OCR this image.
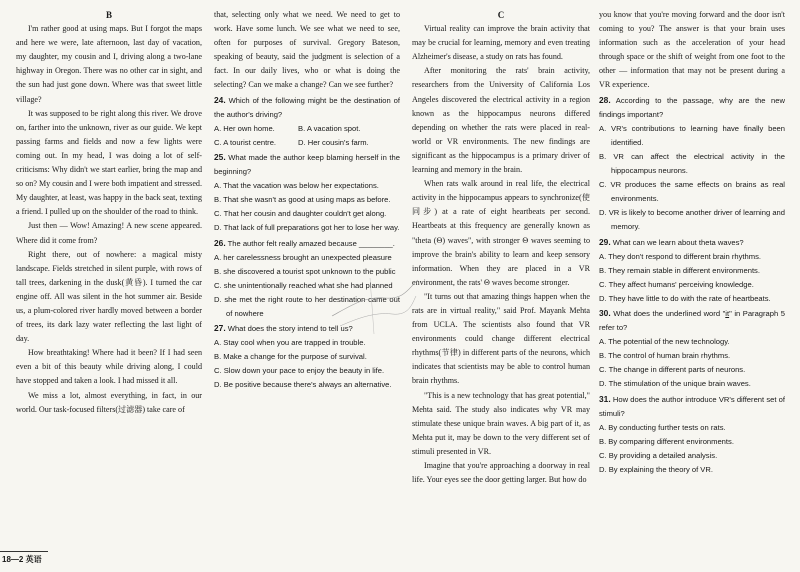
B

I'm rather good at using maps. But I forgot the maps and here we were, late afternoon, last day of vacation, my daughter, my cousin and I, driving along a two-lane highway in Oregon. There was no other car in sight, and the sun had just gone down. Where was that sweet little village?

It was supposed to be right along this river. We drove on, farther into the unknown, river as our guide. We kept passing farms and fields and now a few lights were coming out. In my head, I was doing a lot of self-criticisms: Why didn't we start earlier, bring the map and so on? My cousin and I were both impatient and stressed. My daughter, at least, was happy in the back seat, texting a friend. I pulled up on the shoulder of the road to think.

Just then — Wow! Amazing! A new scene appeared. Where did it come from?

Right there, out of nowhere: a magical misty landscape. Fields stretched in silent purple, with rows of tall trees, darkening in the dusk(黄昏). I turned the car engine off. All was silent in the hot summer air. Beside us, a plum-colored river hardly moved between a border of trees, its dark lazy water reflecting the last light of day.

How breathtaking! Where had it been? If I had seen even a bit of this beauty while driving along, I could have stopped and taken a look. I had missed it all.

We miss a lot, almost everything, in fact, in our world. Our task-focused filters(过滤器) take care of

that, selecting only what we need. We need to get to work. Have some lunch. We see what we need to see, often for purposes of survival. Gregory Bateson, speaking of beauty, said the judgment is selection of a fact. In our daily lives, who or what is doing the selecting? Can we make a change? Can we see further?

24. Which of the following might be the destination of the author's driving?

A. Her own home.	B. A vacation spot.

C. A tourist centre.	D. Her cousin's farm.

25. What made the author keep blaming herself in the beginning?

A. That the vacation was below her expectations.

B. That she wasn't as good at using maps as before.

C. That her cousin and daughter couldn't get along.

D. That lack of full preparations got her to lose her way.

26. The author felt really amazed because ________.

A. her carelessness brought an unexpected pleasure

B. she discovered a tourist spot unknown to the public

C. she unintentionally reached what she had planned

D. she met the right route to her destination came out of nowhere

27. What does the story intend to tell us?

A. Stay cool when you are trapped in trouble.

B. Make a change for the purpose of survival.

C. Slow down your pace to enjoy the beauty in life.

D. Be positive because there's always an alternative.

C

Virtual reality can improve the brain activity that may be crucial for learning, memory and even treating Alzheimer's disease, a study on rats has found.

After monitoring the rats' brain activity, researchers from the University of California Los Angeles discovered the electrical activity in a region known as the hippocampus neurons differed depending on whether the rats were placed in real-world or VR environments. The new findings are significant as the hippocampus is a primary driver of learning and memory in the brain.

When rats walk around in real life, the electrical activity in the hippocampus appears to synchronize(使同步) at a rate of eight heartbeats per second. Heartbeats at this frequency are generally known as "theta (Θ) waves", with stronger Θ waves seeming to improve the brain's ability to learn and keep sensory information. When they are placed in a VR environment, the rats' Θ waves become stronger.

"It turns out that amazing things happen when the rats are in virtual reality," said Prof. Mayank Mehta from UCLA. The scientists also found that VR environments could change different electrical rhythms(节律) in different parts of the neurons, which indicates that scientists may be able to control human brain rhythms.

"This is a new technology that has great potential," Mehta said. The study also indicates why VR may stimulate these unique brain waves. A big part of it, as Mehta put it, may be down to the very different set of stimuli presented in VR.

Imagine that you're approaching a doorway in real life. Your eyes see the door getting larger. But how do

you know that you're moving forward and the door isn't coming to you? The answer is that your brain uses information such as the acceleration of your head through space or the shift of weight from one foot to the other — information that may not be present during a VR experience.

28. According to the passage, why are the new findings important?

A. VR's contributions to learning have finally been identified.

B. VR can affect the electrical activity in the hippocampus neurons.

C. VR produces the same effects on brains as real environments.

D. VR is likely to become another driver of learning and memory.

29. What can we learn about theta waves?

A. They don't respond to different brain rhythms.

B. They remain stable in different environments.

C. They affect humans' perceiving knowledge.

D. They have little to do with the rate of heartbeats.

30. What does the underlined word "it" in Paragraph 5 refer to?

A. The potential of the new technology.

B. The control of human brain rhythms.

C. The change in different parts of neurons.

D. The stimulation of the unique brain waves.

31. How does the author introduce VR's different set of stimuli?

A. By conducting further tests on rats.

B. By comparing different environments.

C. By providing a detailed analysis.

D. By explaining the theory of VR.

18—2 英语
